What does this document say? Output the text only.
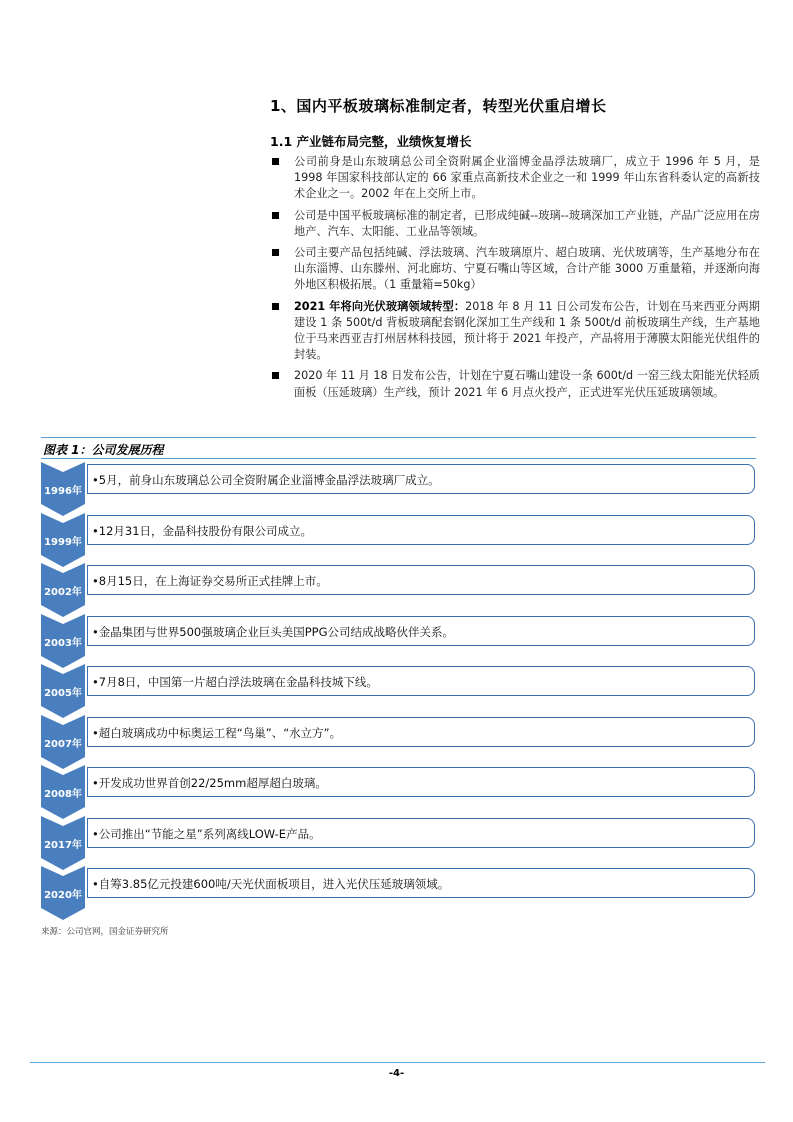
1、国内平板玻璃标准制定者，转型光伏重启增长
1.1 产业链布局完整，业绩恢复增长
公司前身是山东玻璃总公司全资附属企业淄博金晶浮法玻璃厂，成立于 1996 年 5 月，是 1998 年国家科技部认定的 66 家重点高新技术企业之一和 1999 年山东省科委认定的高新技术企业之一。2002 年在上交所上市。
公司是中国平板玻璃标准的制定者，已形成纯碱--玻璃--玻璃深加工产业链，产品广泛应用在房地产、汽车、太阳能、工业品等领域。
公司主要产品包括纯碱、浮法玻璃、汽车玻璃原片、超白玻璃、光伏玻璃等，生产基地分布在山东淄博、山东滕州、河北廊坊、宁夏石嘴山等区域，合计产能 3000 万重量箱，并逐渐向海外地区积极拓展。（1 重量箱=50kg）
2021 年将向光伏玻璃领域转型：2018 年 8 月 11 日公司发布公告，计划在马来西亚分两期建设 1 条 500t/d 背板玻璃配套钢化深加工生产线和 1 条 500t/d 前板玻璃生产线，生产基地位于马来西亚吉打州居林科技园，预计将于 2021 年投产，产品将用于薄膜太阳能光伏组件的封装。
2020 年 11 月 18 日发布公告，计划在宁夏石嘴山建设一条 600t/d 一窑三线太阳能光伏轻质面板（压延玻璃）生产线，预计 2021 年 6 月点火投产，正式进军光伏压延玻璃领域。
图表 1：公司发展历程
1996年
•5月，前身山东玻璃总公司全资附属企业淄博金晶浮法玻璃厂成立。
1999年
•12月31日，金晶科技股份有限公司成立。
2002年
•8月15日，在上海证券交易所正式挂牌上市。
2003年
•金晶集团与世界500强玻璃企业巨头美国PPG公司结成战略伙伴关系。
2005年
•7月8日，中国第一片超白浮法玻璃在金晶科技城下线。
2007年
•超白玻璃成功中标奥运工程“鸟巢”、“水立方”。
2008年
•开发成功世界首创22/25mm超厚超白玻璃。
2017年
•公司推出“节能之星”系列离线LOW-E产品。
2020年
•自筹3.85亿元投建600吨/天光伏面板项目，进入光伏压延玻璃领域。
来源：公司官网，国金证券研究所
-4-
